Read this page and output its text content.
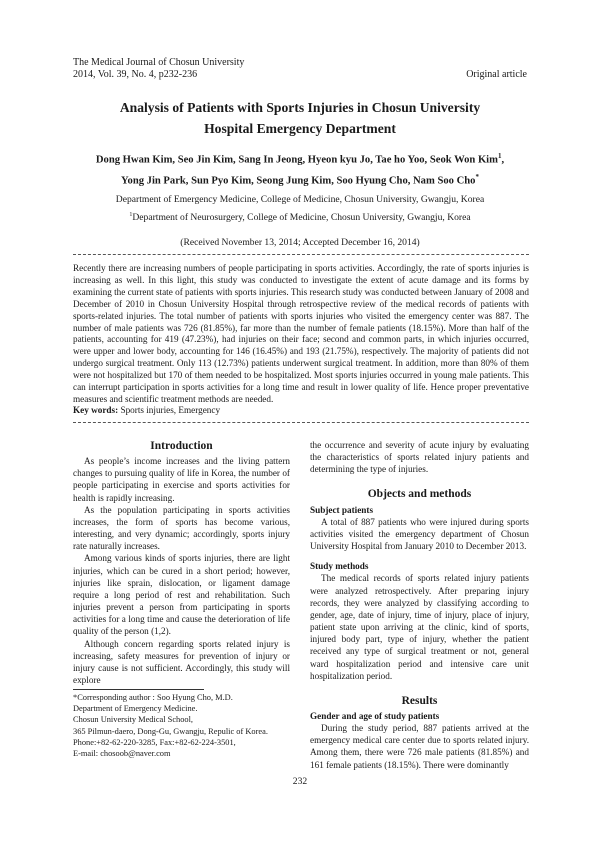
The Medical Journal of Chosun University
2014, Vol. 39, No. 4, p232-236	Original article
Analysis of Patients with Sports Injuries in Chosun University
Hospital Emergency Department
Dong Hwan Kim, Seo Jin Kim, Sang In Jeong, Hyeon kyu Jo, Tae ho Yoo, Seok Won Kim$^1$,
Yong Jin Park, Sun Pyo Kim, Seong Jung Kim, Soo Hyung Cho, Nam Soo Cho*
Department of Emergency Medicine, College of Medicine, Chosun University, Gwangju, Korea
$^1$Department of Neurosurgery, College of Medicine, Chosun University, Gwangju, Korea
(Received November 13, 2014; Accepted December 16, 2014)
Recently there are increasing numbers of people participating in sports activities. Accordingly, the rate of sports injuries is increasing as well. In this light, this study was conducted to investigate the extent of acute damage and its forms by examining the current state of patients with sports injuries. This research study was conducted between January of 2008 and December of 2010 in Chosun University Hospital through retrospective review of the medical records of patients with sports-related injuries. The total number of patients with sports injuries who visited the emergency center was 887. The number of male patients was 726 (81.85%), far more than the number of female patients (18.15%). More than half of the patients, accounting for 419 (47.23%), had injuries on their face; second and common parts, in which injuries occurred, were upper and lower body, accounting for 146 (16.45%) and 193 (21.75%), respectively. The majority of patients did not undergo surgical treatment. Only 113 (12.73%) patients underwent surgical treatment. In addition, more than 80% of them were not hospitalized but 170 of them needed to be hospitalized. Most sports injuries occurred in young male patients. This can interrupt participation in sports activities for a long time and result in lower quality of life. Hence proper preventative measures and scientific treatment methods are needed.
Key words: Sports injuries, Emergency
Introduction

As people’s income increases and the living pattern changes to pursuing quality of life in Korea, the number of people participating in exercise and sports activities for health is rapidly increasing.

As the population participating in sports activities increases, the form of sports has become various, interesting, and very dynamic; accordingly, sports injury rate naturally increases.

Among various kinds of sports injuries, there are light injuries, which can be cured in a short period; however, injuries like sprain, dislocation, or ligament damage require a long period of rest and rehabilitation. Such injuries prevent a person from participating in sports activities for a long time and cause the deterioration of life quality of the person (1,2).

Although concern regarding sports related injury is increasing, safety measures for prevention of injury or injury cause is not sufficient. Accordingly, this study will explore

the occurrence and severity of acute injury by evaluating the characteristics of sports related injury patients and determining the type of injuries.

Objects and methods
Subject patients

A total of 887 patients who were injured during sports activities visited the emergency department of Chosun University Hospital from January 2010 to December 2013.

Study methods

The medical records of sports related injury patients were analyzed retrospectively. After preparing injury records, they were analyzed by classifying according to gender, age, date of injury, time of injury, place of injury, patient state upon arriving at the clinic, kind of sports, injured body part, type of injury, whether the patient received any type of surgical treatment or not, general ward hospitalization period and intensive care unit hospitalization period.

Results
Gender and age of study patients

During the study period, 887 patients arrived at the emergency medical care center due to sports related injury. Among them, there were 726 male patients (81.85%) and 161 female patients (18.15%). There were dominantly

*Corresponding author : Soo Hyung Cho, M.D.
Department of Emergency Medicine.
Chosun University Medical School,
365 Pilmun-daero, Dong-Gu, Gwangju, Repulic of Korea.
Phone:+82-62-220-3285, Fax:+82-62-224-3501,
E-mail: chosoob@naver.com
232
